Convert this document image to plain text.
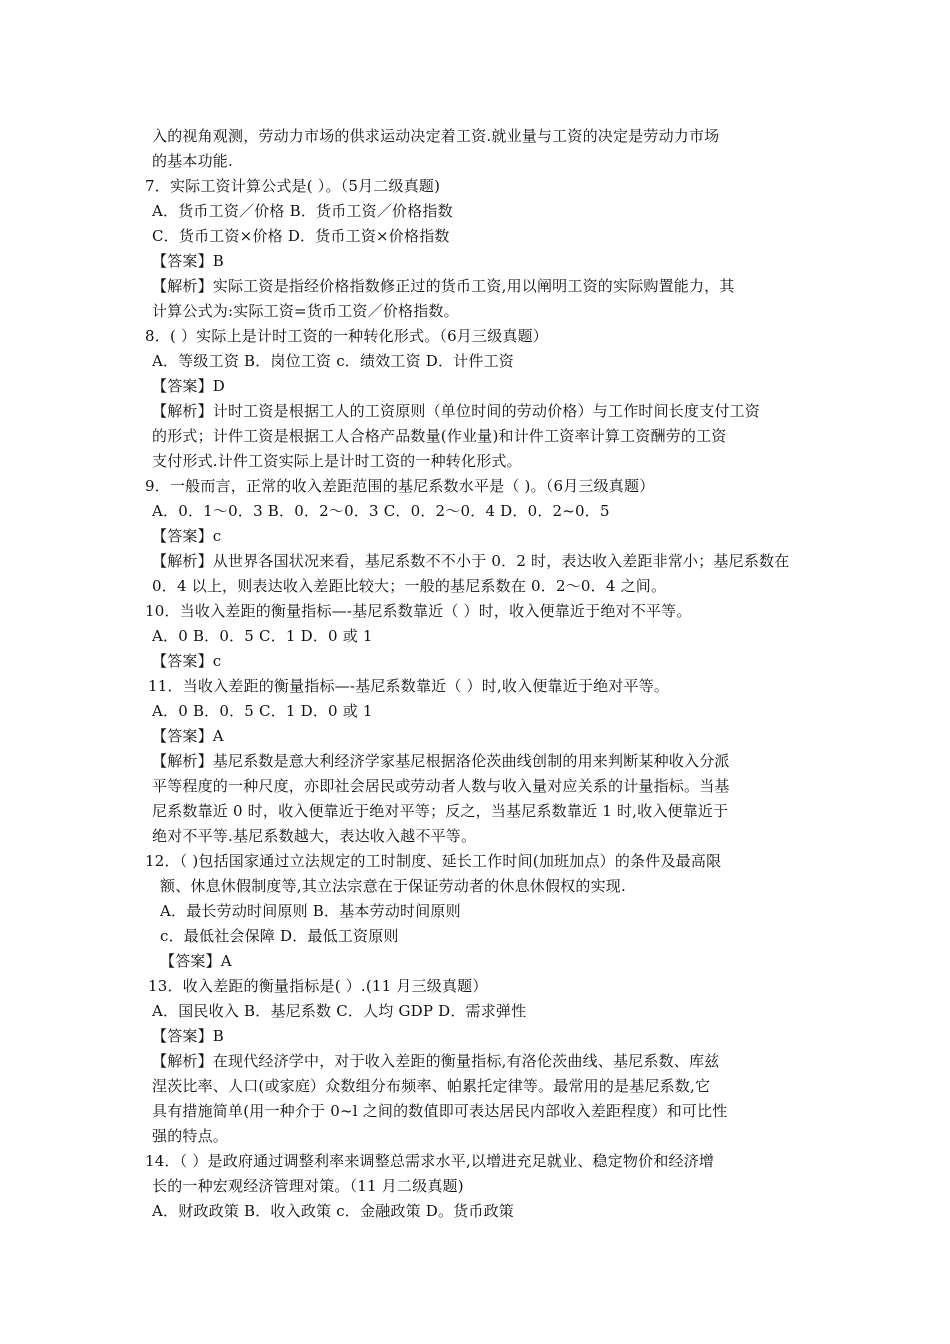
入的视角观测，劳动力市场的供求运动决定着工资.就业量与工资的决定是劳动力市场
的基本功能.
7．实际工资计算公式是( ）。（5月二级真题)
A．货币工资／价格 B．货币工资／价格指数
C．货币工资×价格 D．货币工资×价格指数
【答案】B
【解析】实际工资是指经价格指数修正过的货币工资,用以阐明工资的实际购置能力，其
计算公式为:实际工资=货币工资／价格指数。
8．( ）实际上是计时工资的一种转化形式。（6月三级真题）
A．等级工资 B．岗位工资 c．绩效工资 D．计件工资
【答案】D
【解析】计时工资是根据工人的工资原则（单位时间的劳动价格）与工作时间长度支付工资
的形式；计件工资是根据工人合格产品数量(作业量)和计件工资率计算工资酬劳的工资
支付形式.计件工资实际上是计时工资的一种转化形式。
9．一般而言，正常的收入差距范围的基尼系数水平是（ )。（6月三级真题）
A．0．1～0．3 B．0．2～0．3 C．0．2～0．4 D．0．2~0．5
【答案】c
【解析】从世界各国状况来看，基尼系数不不小于 0．2 时，表达收入差距非常小；基尼系数在
0．4 以上，则表达收入差距比较大；一般的基尼系数在 0．2～0．4 之间。
10．当收入差距的衡量指标—-基尼系数靠近（ ）时，收入便靠近于绝对不平等。
A．0 B．0．5 C．1 D．0 或 1
【答案】c
11．当收入差距的衡量指标—-基尼系数靠近（ ）时,收入便靠近于绝对平等。
A．0 B．0．5 C．1 D．0 或 1
【答案】A
【解析】基尼系数是意大利经济学家基尼根据洛伦茨曲线创制的用来判断某种收入分派
平等程度的一种尺度，亦即社会居民或劳动者人数与收入量对应关系的计量指标。当基
尼系数靠近 0 时，收入便靠近于绝对平等；反之，当基尼系数靠近 1 时,收入便靠近于
绝对不平等.基尼系数越大，表达收入越不平等。
12．（ )包括国家通过立法规定的工时制度、延长工作时间(加班加点）的条件及最高限
额、休息休假制度等,其立法宗意在于保证劳动者的休息休假权的实现.
A．最长劳动时间原则 B．基本劳动时间原则
c．最低社会保障 D．最低工资原则
【答案】A
13．收入差距的衡量指标是( ）.(11 月三级真题）
A．国民收入 B．基尼系数 C．人均 GDP D．需求弹性
【答案】B
【解析】在现代经济学中，对于收入差距的衡量指标,有洛伦茨曲线、基尼系数、库兹
涅茨比率、人口(或家庭）众数组分布频率、帕累托定律等。最常用的是基尼系数,它
具有措施简单(用一种介于 0~l 之间的数值即可表达居民内部收入差距程度）和可比性
强的特点。
14．（ ）是政府通过调整利率来调整总需求水平,以增进充足就业、稳定物价和经济增
长的一种宏观经济管理对策。（11 月二级真题)
A．财政政策 B．收入政策 c．金融政策 D。货币政策
